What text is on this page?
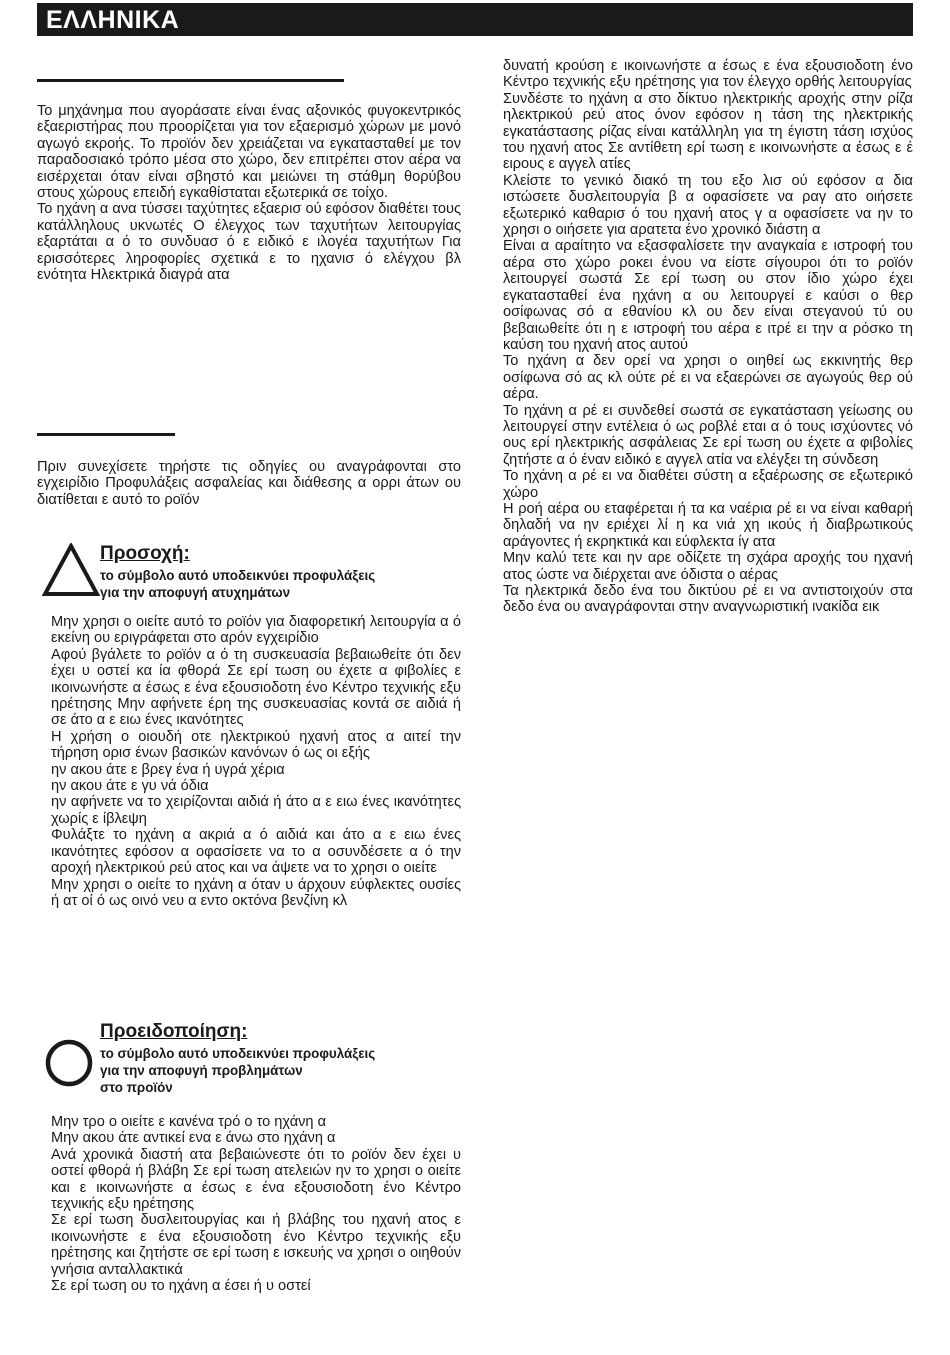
ΕΛΛΗΝΙΚΑ

Το μηχάνημα που αγοράσατε είναι ένας αξονικός φυγοκεντρικός εξαεριστήρας που προορίζεται για τον εξαερισμό χώρων με μονό αγωγό εκροής. Το προϊόν δεν χρειάζεται να εγκατασταθεί με τον παραδοσιακό τρόπο μέσα στο χώρο, δεν επιτρέπει στον αέρα να εισέρχεται όταν είναι σβηστό και μειώνει τη στάθμη θορύβου στους χώρους επειδή εγκαθίσταται εξωτερικά σε τοίχο.

Το ηχάνη α ανα τύσσει ταχύτητες εξαερισ ού εφόσον διαθέτει τους κατάλληλους υκνωτές Ο έλεγχος των ταχυτήτων λειτουργίας εξαρτάται α ό το συνδυασ ό ε ειδικό ε ιλογέα ταχυτήτων Για ερισσότερες ληροφορίες σχετικά ε το ηχανισ ό ελέγχου βλ ενότητα Ηλεκτρικά διαγρά ατα

Πριν συνεχίσετε τηρήστε τις οδηγίες ου αναγράφονται στο εγχειρίδιο Προφυλάξεις ασφαλείας και διάθεσης α ορρι άτων ου διατίθεται ε αυτό το ροϊόν

Προσοχή:
το σύμβολο αυτό υποδεικνύει προφυλάξεις
για την αποφυγή ατυχημάτων

Μην χρησι ο οιείτε αυτό το ροϊόν για διαφορετική λειτουργία α ό εκείνη ου εριγράφεται στο αρόν εγχειρίδιο
Αφού βγάλετε το ροϊόν α ό τη συσκευασία βεβαιωθείτε ότι δεν έχει υ οστεί κα ία φθορά Σε ερί τωση ου έχετε α φιβολίες ε ικοινωνήστε α έσως ε ένα εξουσιοδοτη ένο Κέντρο τεχνικής εξυ ηρέτησης Μην αφήνετε έρη της συσκευασίας κοντά σε αιδιά ή σε άτο α ε ειω ένες ικανότητες
Η χρήση ο οιουδή οτε ηλεκτρικού ηχανή ατος α αιτεί την τήρηση ορισ ένων βασικών κανόνων ό ως οι εξής
ην ακου άτε ε βρεγ ένα ή υγρά χέρια
ην ακου άτε ε γυ νά όδια
ην αφήνετε να το χειρίζονται αιδιά ή άτο α ε ειω ένες ικανότητες χωρίς ε ίβλεψη
Φυλάξτε το ηχάνη α ακριά α ό αιδιά και άτο α ε ειω ένες ικανότητες εφόσον α οφασίσετε να το α οσυνδέσετε α ό την αροχή ηλεκτρικού ρεύ ατος και να άψετε να το χρησι ο οιείτε
Μην χρησι ο οιείτε το ηχάνη α όταν υ άρχουν εύφλεκτες ουσίες ή ατ οί ό ως οινό νευ α εντο οκτόνα βενζίνη κλ

Προειδοποίηση:
το σύμβολο αυτό υποδεικνύει προφυλάξεις
για την αποφυγή προβλημάτων
στο προϊόν

Μην τρο ο οιείτε ε κανένα τρό ο το ηχάνη α
Μην ακου άτε αντικεί ενα ε άνω στο ηχάνη α
Ανά χρονικά διαστή ατα βεβαιώνεστε ότι το ροϊόν δεν έχει υ οστεί φθορά ή βλάβη Σε ερί τωση ατελειών ην το χρησι ο οιείτε και ε ικοινωνήστε α έσως ε ένα εξουσιοδοτη ένο Κέντρο τεχνικής εξυ ηρέτησης
Σε ερί τωση δυσλειτουργίας και ή βλάβης του ηχανή ατος ε ικοινωνήστε ε ένα εξουσιοδοτη ένο Κέντρο τεχνικής εξυ ηρέτησης και ζητήστε σε ερί τωση ε ισκευής να χρησι ο οιηθούν γνήσια ανταλλακτικά
Σε ερί τωση ου το ηχάνη α έσει ή υ οστεί

δυνατή κρούση ε ικοινωνήστε α έσως ε ένα εξουσιοδοτη ένο Κέντρο τεχνικής εξυ ηρέτησης για τον έλεγχο ορθής λειτουργίας
Συνδέστε το ηχάνη α στο δίκτυο ηλεκτρικής αροχής στην ρίζα ηλεκτρικού ρεύ ατος όνον εφόσον η τάση της ηλεκτρικής εγκατάστασης ρίζας είναι κατάλληλη για τη έγιστη τάση ισχύος του ηχανή ατος Σε αντίθετη ερί τωση ε ικοινωνήστε α έσως ε έ ειρους ε αγγελ ατίες
Κλείστε το γενικό διακό τη του εξο λισ ού εφόσον α δια ιστώσετε δυσλειτουργία β α οφασίσετε να ραγ ατο οιήσετε εξωτερικό καθαρισ ό του ηχανή ατος γ α οφασίσετε να ην το χρησι ο οιήσετε για αρατετα ένο χρονικό διάστη α
Είναι α αραίτητο να εξασφαλίσετε την αναγκαία ε ιστροφή του αέρα στο χώρο ροκει ένου να είστε σίγουροι ότι το ροϊόν λειτουργεί σωστά Σε ερί τωση ου στον ίδιο χώρο έχει εγκατασταθεί ένα ηχάνη α ου λειτουργεί ε καύσι ο θερ οσίφωνας σό α εθανίου κλ ου δεν είναι στεγανού τύ ου βεβαιωθείτε ότι η ε ιστροφή του αέρα ε ιτρέ ει την α ρόσκο τη καύση του ηχανή ατος αυτού
Το ηχάνη α δεν ορεί να χρησι ο οιηθεί ως εκκινητής θερ οσίφωνα σό ας κλ ούτε ρέ ει να εξαερώνει σε αγωγούς θερ ού αέρα.
Το ηχάνη α ρέ ει συνδεθεί σωστά σε εγκατάσταση γείωσης ου λειτουργεί στην εντέλεια ό ως ροβλέ εται α ό τους ισχύοντες νό ους ερί ηλεκτρικής ασφάλειας Σε ερί τωση ου έχετε α φιβολίες ζητήστε α ό έναν ειδικό ε αγγελ ατία να ελέγξει τη σύνδεση
Το ηχάνη α ρέ ει να διαθέτει σύστη α εξαέρωσης σε εξωτερικό χώρο
Η ροή αέρα ου εταφέρεται ή τα κα ναέρια ρέ ει να είναι καθαρή δηλαδή να ην εριέχει λί η κα νιά χη ικούς ή διαβρωτικούς αράγοντες ή εκρηκτικά και εύφλεκτα ίγ ατα
Μην καλύ τετε και ην αρε οδίζετε τη σχάρα αροχής του ηχανή ατος ώστε να διέρχεται ανε όδιστα ο αέρας
Τα ηλεκτρικά δεδο ένα του δικτύου ρέ ει να αντιστοιχούν στα δεδο ένα ου αναγράφονται στην αναγνωριστική ινακίδα εικ
